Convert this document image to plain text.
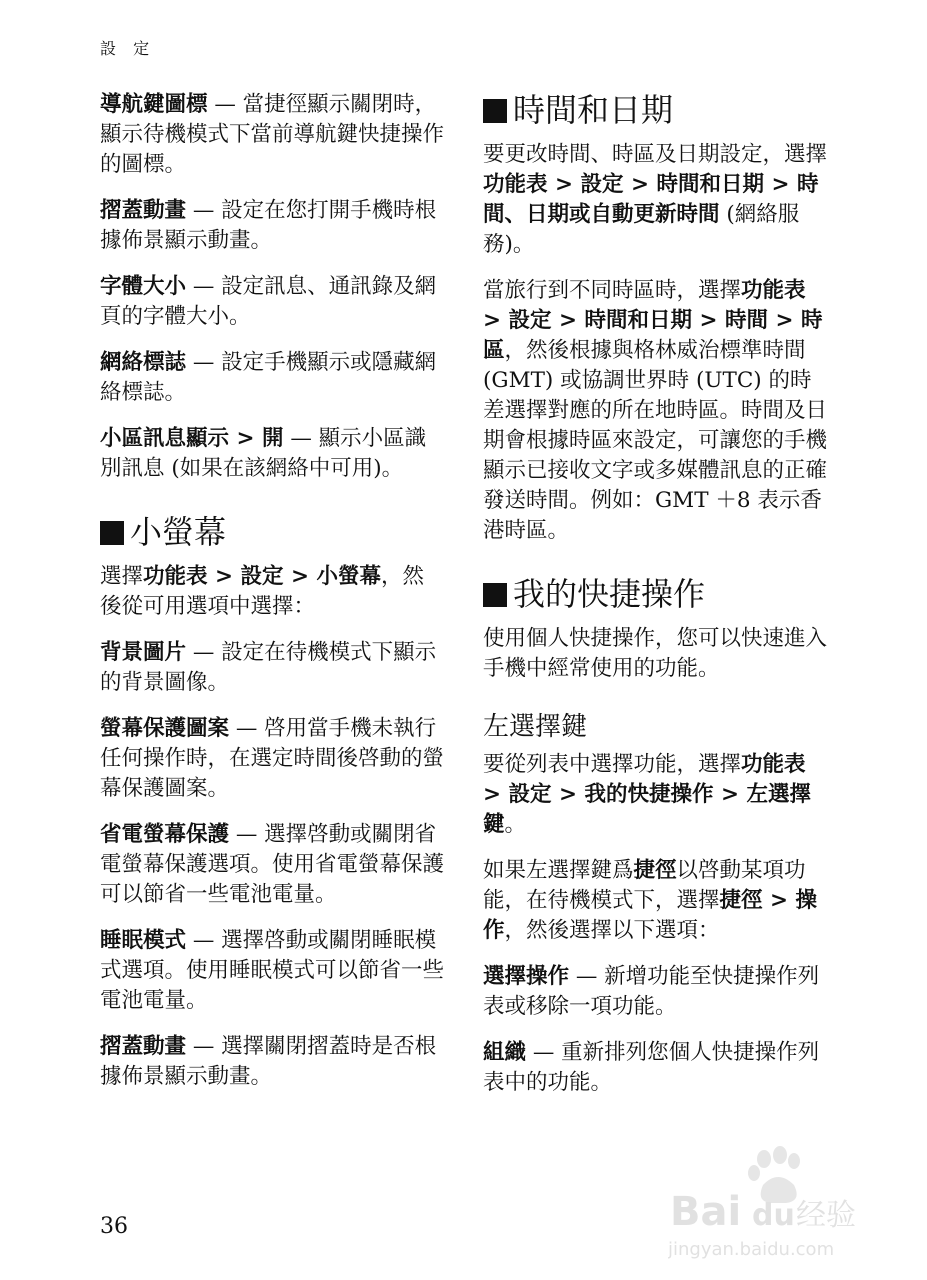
設 定

導航鍵圖標 — 當捷徑顯示關閉時，顯示待機模式下當前導航鍵快捷操作的圖標。

摺蓋動畫 — 設定在您打開手機時根據佈景顯示動畫。

字體大小 — 設定訊息、通訊錄及網頁的字體大小。

網絡標誌 — 設定手機顯示或隱藏網絡標誌。

小區訊息顯示 > 開 — 顯示小區識別訊息 (如果在該網絡中可用)。

小螢幕

選擇功能表 > 設定 > 小螢幕，然後從可用選項中選擇：

背景圖片 — 設定在待機模式下顯示的背景圖像。

螢幕保護圖案 — 啓用當手機未執行任何操作時，在選定時間後啓動的螢幕保護圖案。

省電螢幕保護 — 選擇啓動或關閉省電螢幕保護選項。使用省電螢幕保護可以節省一些電池電量。

睡眠模式 — 選擇啓動或關閉睡眠模式選項。使用睡眠模式可以節省一些電池電量。

摺蓋動畫 — 選擇關閉摺蓋時是否根據佈景顯示動畫。

時間和日期

要更改時間、時區及日期設定，選擇功能表 > 設定 > 時間和日期 > 時間、日期或自動更新時間 (網絡服務)。

當旅行到不同時區時，選擇功能表 > 設定 > 時間和日期 > 時間 > 時區，然後根據與格林威治標準時間 (GMT) 或協調世界時 (UTC) 的時差選擇對應的所在地時區。時間及日期會根據時區來設定，可讓您的手機顯示已接收文字或多媒體訊息的正確發送時間。例如：GMT ＋8 表示香港時區。

我的快捷操作

使用個人快捷操作，您可以快速進入手機中經常使用的功能。

左選擇鍵

要從列表中選擇功能，選擇功能表 > 設定 > 我的快捷操作 > 左選擇鍵。

如果左選擇鍵爲捷徑以啓動某項功能，在待機模式下，選擇捷徑 > 操作，然後選擇以下選項：

選擇操作 — 新增功能至快捷操作列表或移除一項功能。

組織 — 重新排列您個人快捷操作列表中的功能。

36	Bai du 经验
jingyan.baidu.com
